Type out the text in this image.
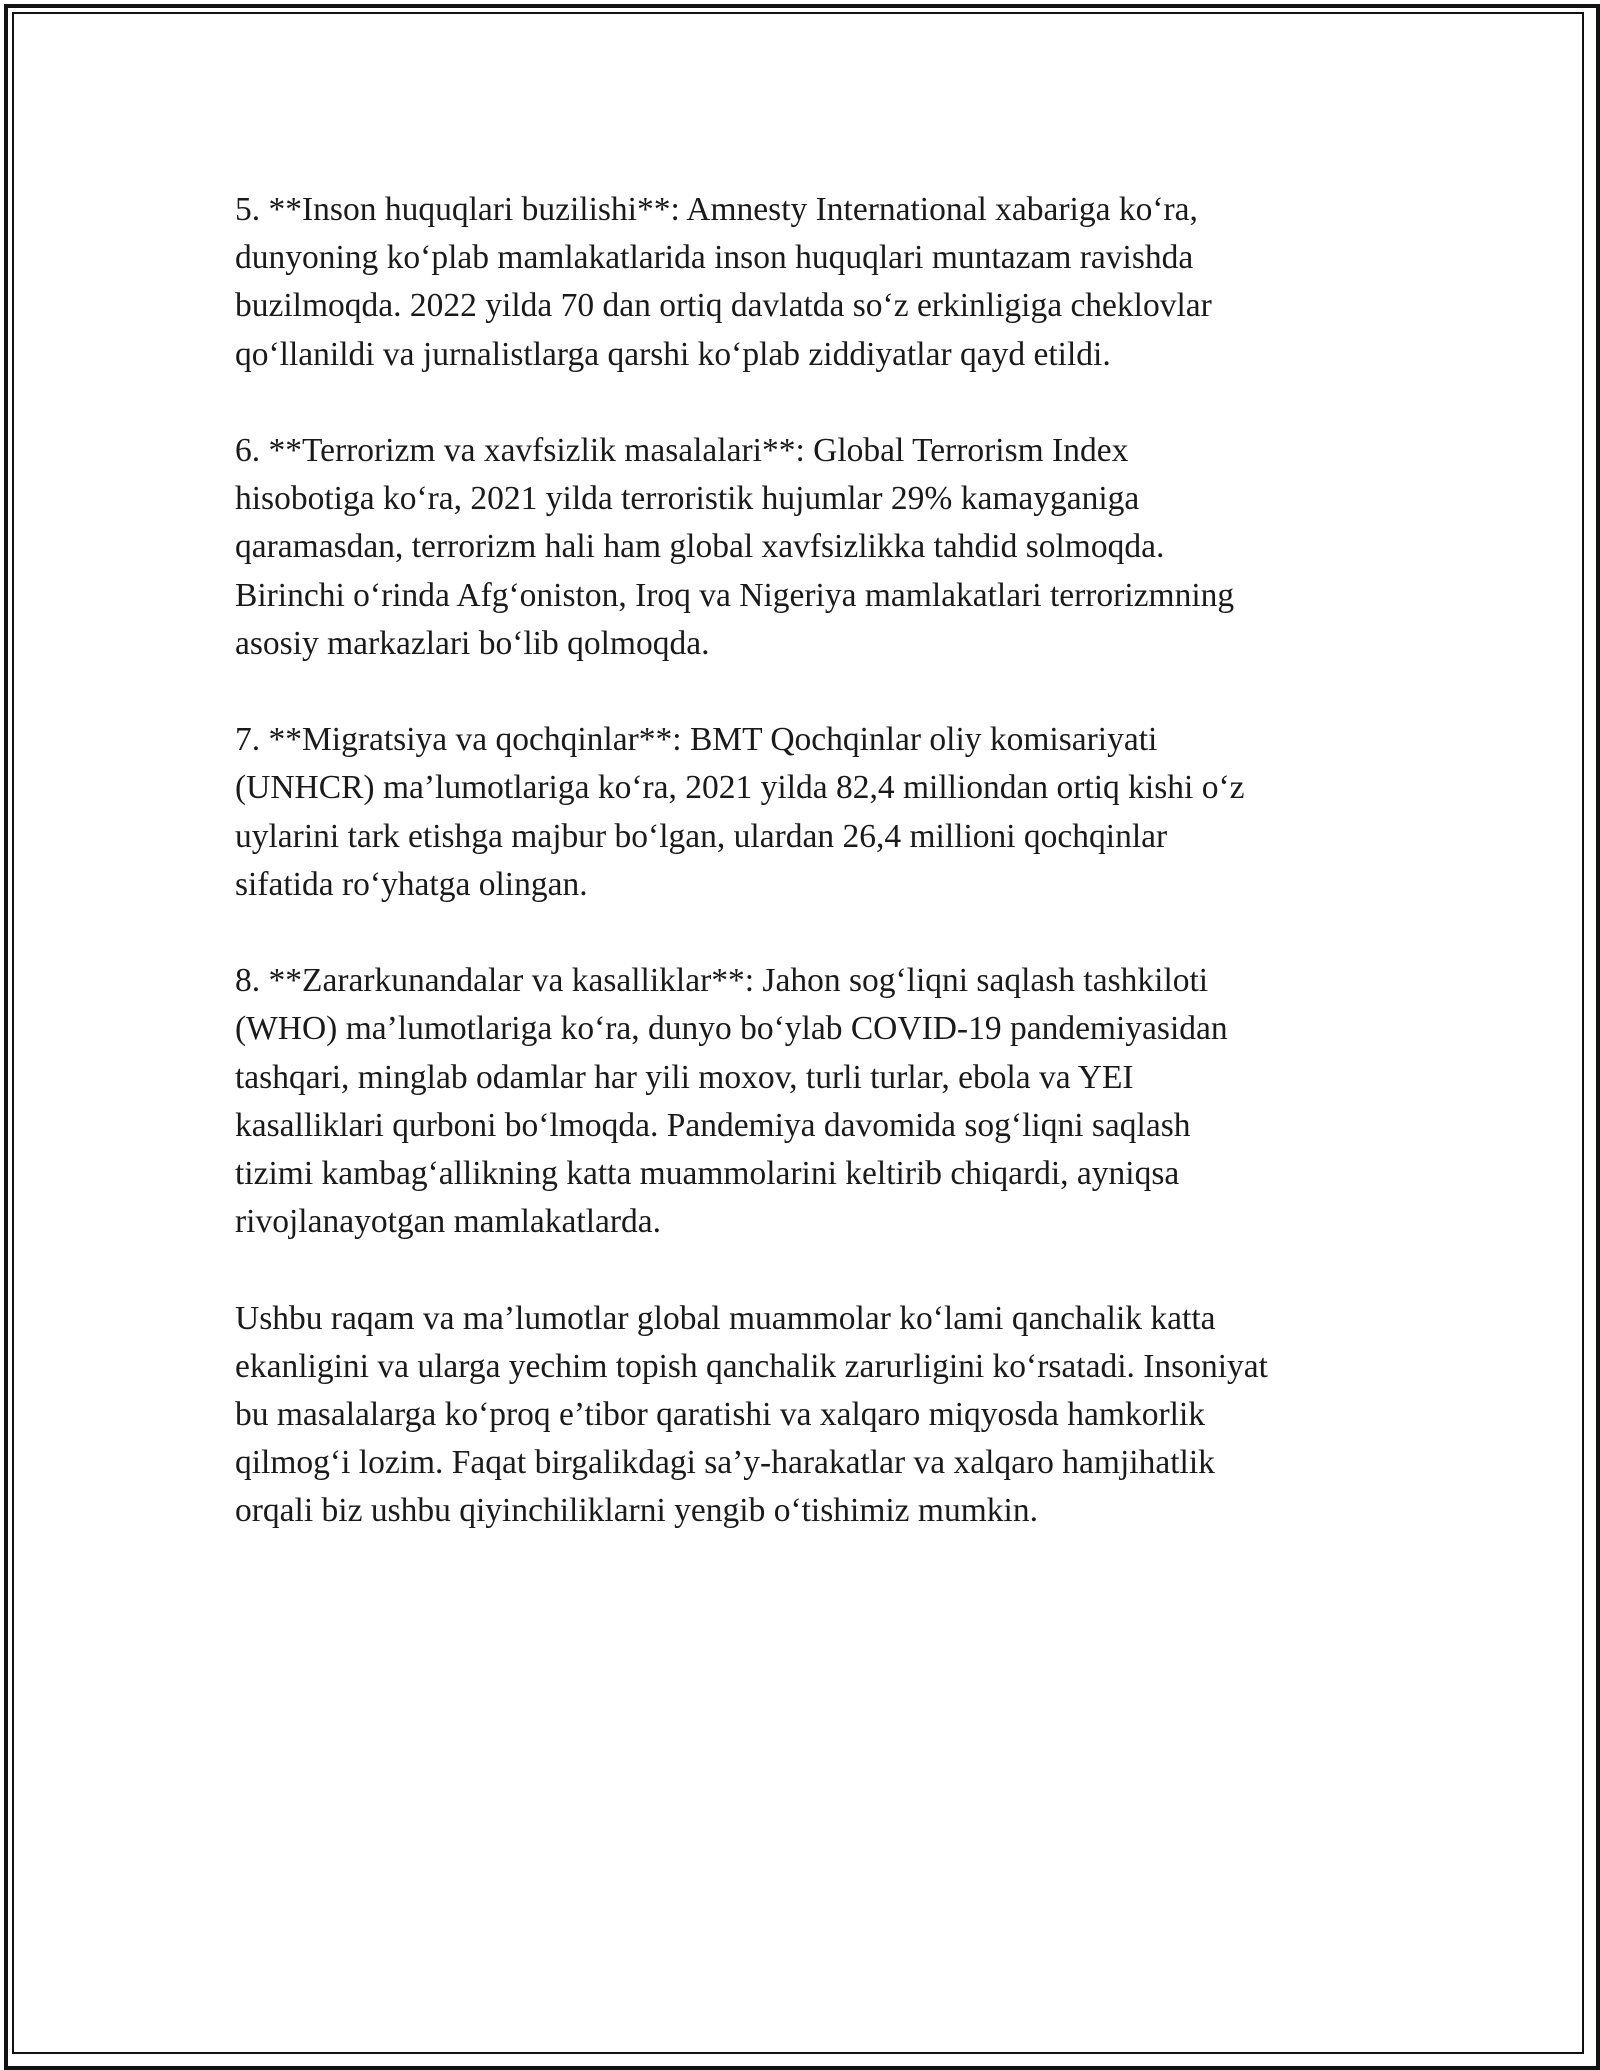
5. **Inson huquqlari buzilishi**: Amnesty International xabariga ko‘ra,
dunyoning ko‘plab mamlakatlarida inson huquqlari muntazam ravishda
buzilmoqda. 2022 yilda 70 dan ortiq davlatda so‘z erkinligiga cheklovlar
qo‘llanildi va jurnalistlarga qarshi ko‘plab ziddiyatlar qayd etildi.

6. **Terrorizm va xavfsizlik masalalari**: Global Terrorism Index
hisobotiga ko‘ra, 2021 yilda terroristik hujumlar 29% kamayganiga
qaramasdan, terrorizm hali ham global xavfsizlikka tahdid solmoqda.
Birinchi o‘rinda Afg‘oniston, Iroq va Nigeriya mamlakatlari terrorizmning
asosiy markazlari bo‘lib qolmoqda.

7. **Migratsiya va qochqinlar**: BMT Qochqinlar oliy komisariyati
(UNHCR) ma’lumotlariga ko‘ra, 2021 yilda 82,4 milliondan ortiq kishi o‘z
uylarini tark etishga majbur bo‘lgan, ulardan 26,4 millioni qochqinlar
sifatida ro‘yhatga olingan.

8. **Zararkunandalar va kasalliklar**: Jahon sog‘liqni saqlash tashkiloti
(WHO) ma’lumotlariga ko‘ra, dunyo bo‘ylab COVID-19 pandemiyasidan
tashqari, minglab odamlar har yili moxov, turli turlar, ebola va YEI
kasalliklari qurboni bo‘lmoqda. Pandemiya davomida sog‘liqni saqlash
tizimi kambag‘allikning katta muammolarini keltirib chiqardi, ayniqsa
rivojlanayotgan mamlakatlarda.

Ushbu raqam va ma’lumotlar global muammolar ko‘lami qanchalik katta
ekanligini va ularga yechim topish qanchalik zarurligini ko‘rsatadi. Insoniyat
bu masalalarga ko‘proq e’tibor qaratishi va xalqaro miqyosda hamkorlik
qilmog‘i lozim. Faqat birgalikdagi sa’y-harakatlar va xalqaro hamjihatlik
orqali biz ushbu qiyinchiliklarni yengib o‘tishimiz mumkin.
